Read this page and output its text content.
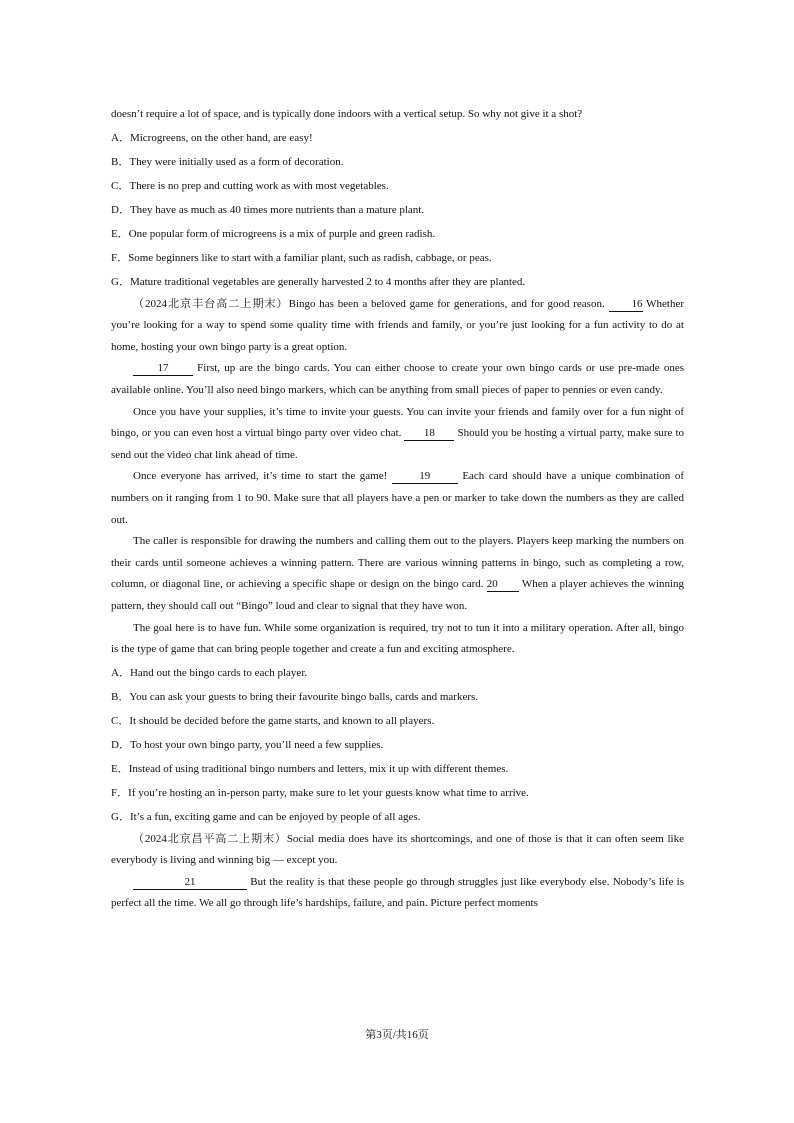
doesn’t require a lot of space, and is typically done indoors with a vertical setup. So why not give it a shot?

A．Microgreens, on the other hand, are easy!

B．They were initially used as a form of decoration.

C．There is no prep and cutting work as with most vegetables.

D．They have as much as 40 times more nutrients than a mature plant.

E．One popular form of microgreens is a mix of purple and green radish.

F．Some beginners like to start with a familiar plant, such as radish, cabbage, or peas.

G．Mature traditional vegetables are generally harvested 2 to 4 months after they are planted.

（2024北京丰台高二上期末）Bingo has been a beloved game for generations, and for good reason. 16 Whether you’re looking for a way to spend some quality time with friends and family, or you’re just looking for a fun activity to do at home, hosting your own bingo party is a great option.

17	First, up are the bingo cards. You can either choose to create your own bingo cards or use pre-made ones available online. You’ll also need bingo markers, which can be anything from small pieces of paper to pennies or even candy.

Once you have your supplies, it’s time to invite your guests. You can invite your friends and family over for a fun night of bingo, or you can even host a virtual bingo party over video chat. 18 Should you be hosting a virtual party, make sure to send out the video chat link ahead of time.

Once everyone has arrived, it’s time to start the game!	19	Each card should have a unique combination of numbers on it ranging from 1 to 90. Make sure that all players have a pen or marker to take down the numbers as they are called out.

The caller is responsible for drawing the numbers and calling them out to the players. Players keep marking the numbers on their cards until someone achieves a winning pattern. There are various winning patterns in bingo, such as completing a row, column, or diagonal line, or achieving a specific shape or design on the bingo card. 20 When a player achieves the winning pattern, they should call out “Bingo” loud and clear to signal that they have won.

The goal here is to have fun. While some organization is required, try not to tun it into a military operation. After all, bingo is the type of game that can bring people together and create a fun and exciting atmosphere.

A．Hand out the bingo cards to each player.

B．You can ask your guests to bring their favourite bingo balls, cards and markers.

C．It should be decided before the game starts, and known to all players.

D．To host your own bingo party, you’ll need a few supplies.

E．Instead of using traditional bingo numbers and letters, mix it up with different themes.

F．If you’re hosting an in-person party, make sure to let your guests know what time to arrive.

G．It’s a fun, exciting game and can be enjoyed by people of all ages.

（2024北京昌平高二上期末）Social media does have its shortcomings, and one of those is that it can often seem like everybody is living and winning big — except you.

21	But the reality is that these people go through struggles just like everybody else. Nobody’s life is perfect all the time. We all go through life’s hardships, failure, and pain. Picture perfect moments

第3页/共16页
